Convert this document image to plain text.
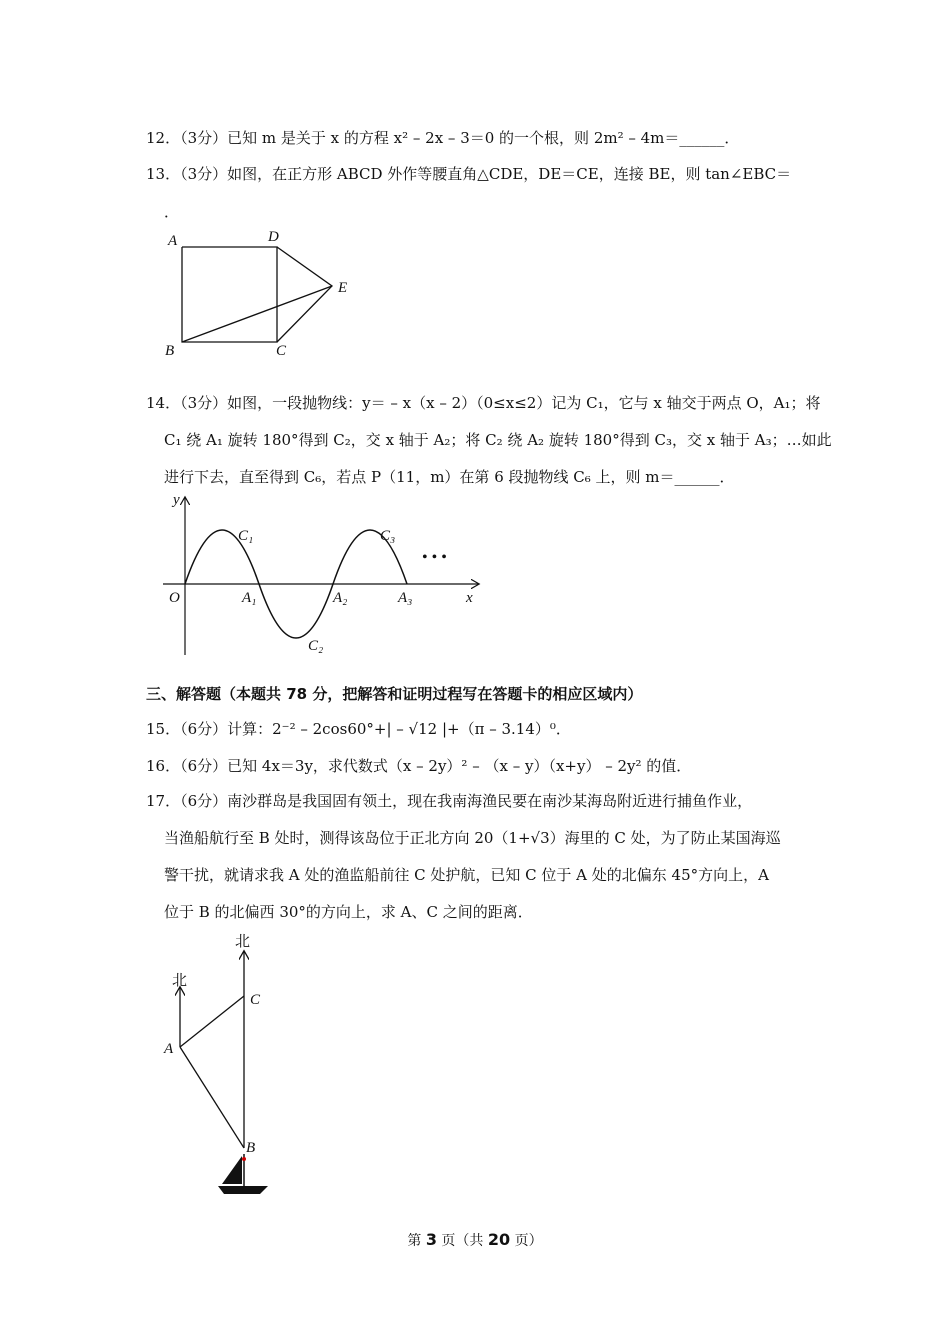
12．（3分）已知 m 是关于 x 的方程 x² – 2x – 3＝0 的一个根，则 2m² – 4m＝______．
13．（3分）如图，在正方形 ABCD 外作等腰直角△CDE，DE＝CE，连接 BE，则 tan∠EBC＝
．
A	D
E
B	C
14．（3分）如图，一段抛物线：y＝ – x（x – 2）（0≤x≤2）记为 C₁，它与 x 轴交于两点 O，A₁；将
C₁ 绕 A₁ 旋转 180°得到 C₂，交 x 轴于 A₂；将 C₂ 绕 A₂ 旋转 180°得到 C₃，交 x 轴于 A₃；…如此
进行下去，直至得到 C₆，若点 P（11，m）在第 6 段抛物线 C₆ 上，则 m＝______．
y
x
O	A₁	A₂	A₃
C₁
C₂
C₃
• • •
三、解答题（本题共 78 分，把解答和证明过程写在答题卡的相应区域内）
15．（6分）计算：2⁻² – 2cos60°+| – √12 |+（π – 3.14）⁰．
16．（6分）已知 4x＝3y，求代数式（x – 2y）² – （x – y）（x+y） – 2y² 的值．
17．（6分）南沙群岛是我国固有领土，现在我南海渔民要在南沙某海岛附近进行捕鱼作业，
当渔船航行至 B 处时，测得该岛位于正北方向 20（1+√3）海里的 C 处，为了防止某国海巡
警干扰，就请求我 A 处的渔监船前往 C 处护航，已知 C 位于 A 处的北偏东 45°方向上，A
位于 B 的北偏西 30°的方向上，求 A、C 之间的距离．
北
北
C
A
B
第 3 页（共 20 页）
